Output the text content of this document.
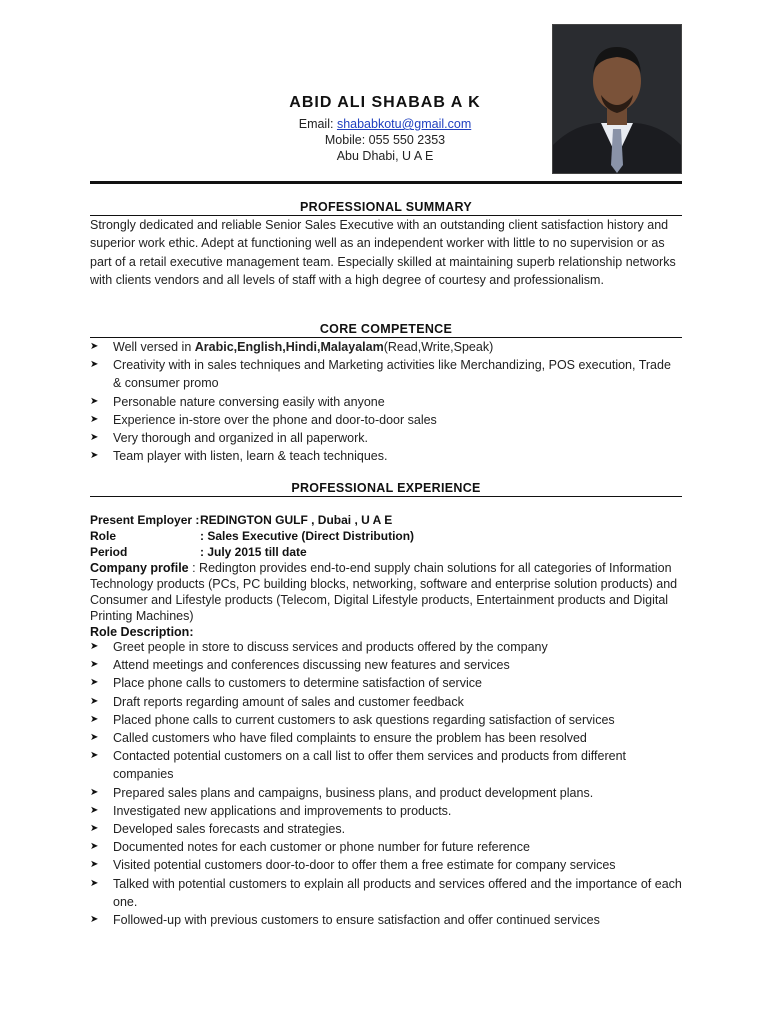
ABID ALI SHABAB A K
Email: shababkotu@gmail.com
Mobile: 055 550 2353
Abu Dhabi, U A E
PROFESSIONAL SUMMARY
Strongly dedicated and reliable Senior Sales Executive with an outstanding client satisfaction history and superior work ethic. Adept at functioning well as an independent worker with little to no supervision or as part of a retail executive management team. Especially skilled at maintaining superb relationship networks with clients vendors and all levels of staff with a high degree of courtesy and professionalism.
CORE COMPETENCE
➤ Well versed in Arabic,English,Hindi,Malayalam(Read,Write,Speak)
➤ Creativity with in sales techniques and Marketing activities like Merchandizing, POS execution, Trade & consumer promo
➤ Personable nature conversing easily with anyone
➤ Experience in-store over the phone and door-to-door sales
➤ Very thorough and organized in all paperwork.
➤ Team player with listen, learn & teach techniques.
PROFESSIONAL EXPERIENCE
Present Employer :REDINGTON GULF , Dubai , U A E
Role	: Sales Executive (Direct Distribution)
Period	: July 2015 till date
Company profile : Redington provides end-to-end supply chain solutions for all categories of Information Technology products (PCs, PC building blocks, networking, software and enterprise solution products) and Consumer and Lifestyle products (Telecom, Digital Lifestyle products, Entertainment products and Digital Printing Machines)
Role Description:
➤ Greet people in store to discuss services and products offered by the company
➤ Attend meetings and conferences discussing new features and services
➤ Place phone calls to customers to determine satisfaction of service
➤ Draft reports regarding amount of sales and customer feedback
➤ Placed phone calls to current customers to ask questions regarding satisfaction of services
➤ Called customers who have filed complaints to ensure the problem has been resolved
➤ Contacted potential customers on a call list to offer them services and products from different companies
➤ Prepared sales plans and campaigns, business plans, and product development plans.
➤ Investigated new applications and improvements to products.
➤ Developed sales forecasts and strategies.
➤ Documented notes for each customer or phone number for future reference
➤ Visited potential customers door-to-door to offer them a free estimate for company services
➤ Talked with potential customers to explain all products and services offered and the importance of each one.
➤ Followed-up with previous customers to ensure satisfaction and offer continued services
